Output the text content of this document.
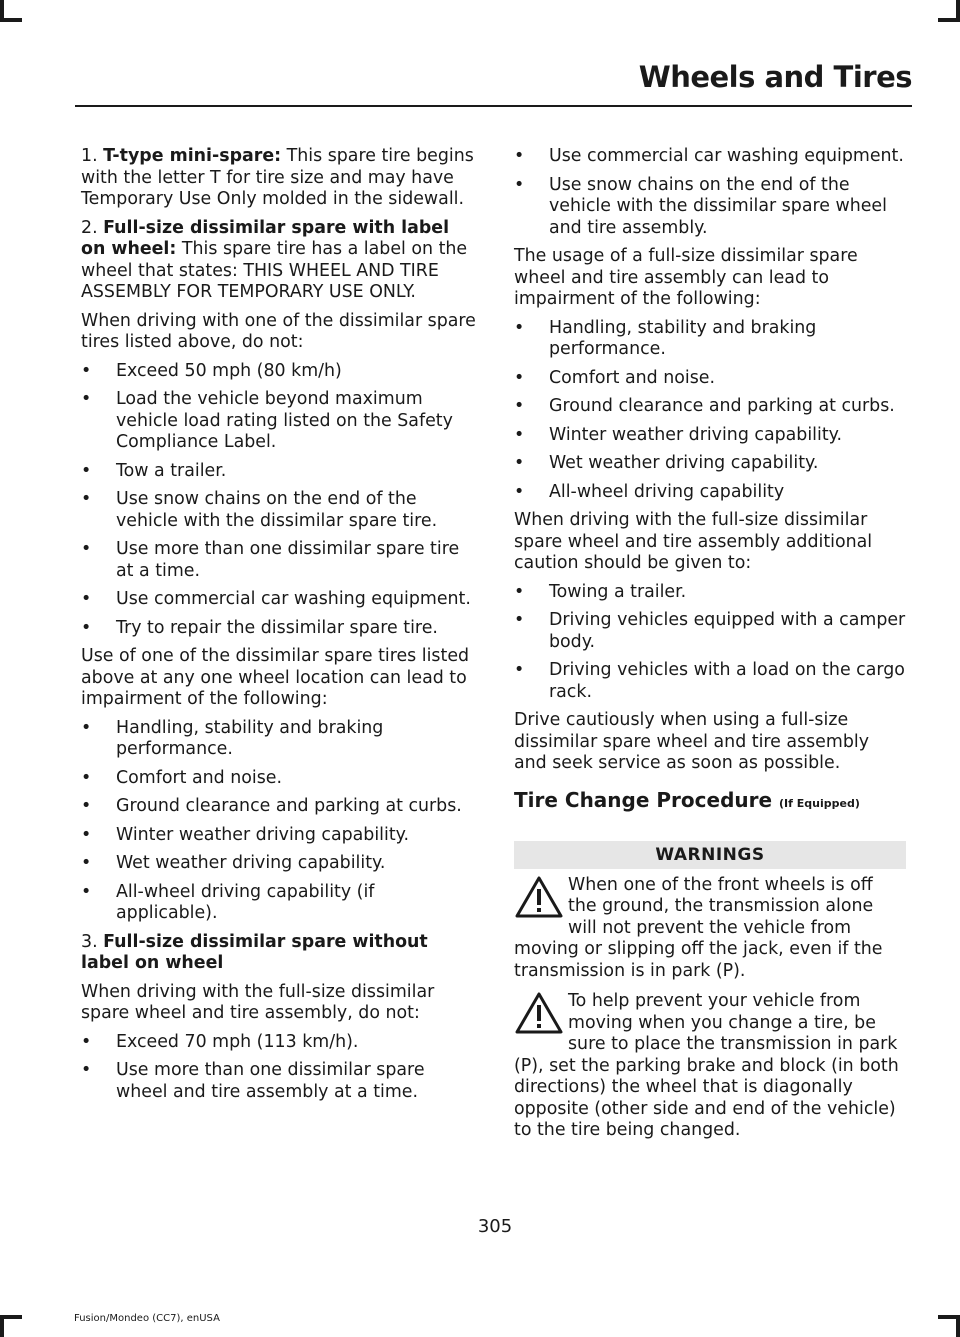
Wheels and Tires

1. T-type mini-spare: This spare tire begins with the letter T for tire size and may have Temporary Use Only molded in the sidewall.

2. Full-size dissimilar spare with label on wheel: This spare tire has a label on the wheel that states: THIS WHEEL AND TIRE ASSEMBLY FOR TEMPORARY USE ONLY.

When driving with one of the dissimilar spare tires listed above, do not:

•	Exceed 50 mph (80 km/h)
•	Load the vehicle beyond maximum vehicle load rating listed on the Safety Compliance Label.
•	Tow a trailer.
•	Use snow chains on the end of the vehicle with the dissimilar spare tire.
•	Use more than one dissimilar spare tire at a time.
•	Use commercial car washing equipment.
•	Try to repair the dissimilar spare tire.

Use of one of the dissimilar spare tires listed above at any one wheel location can lead to impairment of the following:

•	Handling, stability and braking performance.
•	Comfort and noise.
•	Ground clearance and parking at curbs.
•	Winter weather driving capability.
•	Wet weather driving capability.
•	All-wheel driving capability (if applicable).

3. Full-size dissimilar spare without label on wheel

When driving with the full-size dissimilar spare wheel and tire assembly, do not:

•	Exceed 70 mph (113 km/h).
•	Use more than one dissimilar spare wheel and tire assembly at a time.
•	Use commercial car washing equipment.
•	Use snow chains on the end of the vehicle with the dissimilar spare wheel and tire assembly.

The usage of a full-size dissimilar spare wheel and tire assembly can lead to impairment of the following:

•	Handling, stability and braking performance.
•	Comfort and noise.
•	Ground clearance and parking at curbs.
•	Winter weather driving capability.
•	Wet weather driving capability.
•	All-wheel driving capability

When driving with the full-size dissimilar spare wheel and tire assembly additional caution should be given to:

•	Towing a trailer.
•	Driving vehicles equipped with a camper body.
•	Driving vehicles with a load on the cargo rack.

Drive cautiously when using a full-size dissimilar spare wheel and tire assembly and seek service as soon as possible.

Tire Change Procedure (If Equipped)
WARNINGS
When one of the front wheels is off the ground, the transmission alone will not prevent the vehicle from moving or slipping off the jack, even if the transmission is in park (P).
To help prevent your vehicle from moving when you change a tire, be sure to place the transmission in park (P), set the parking brake and block (in both directions) the wheel that is diagonally opposite (other side and end of the vehicle) to the tire being changed.
305
Fusion/Mondeo (CC7), enUSA
